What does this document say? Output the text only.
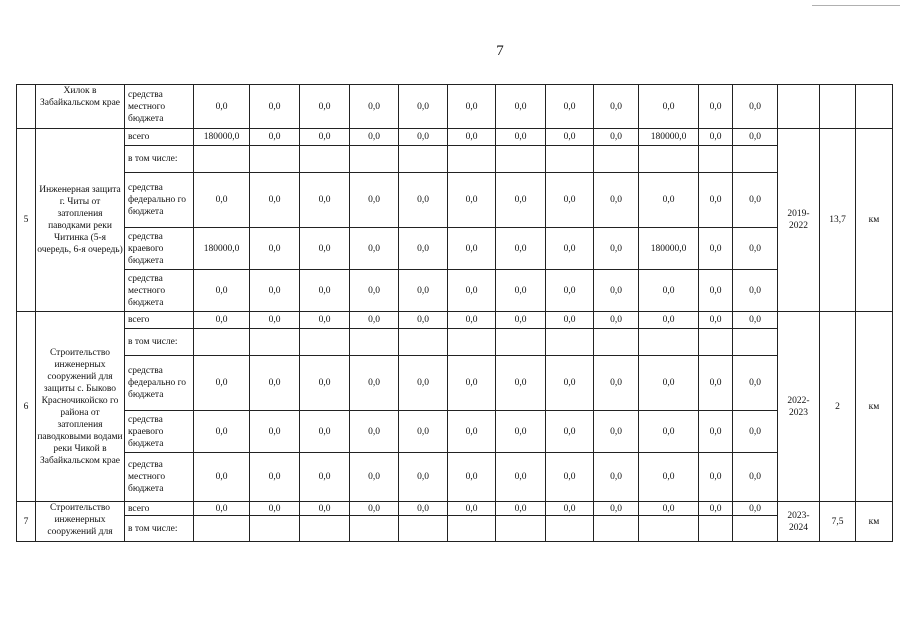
7
	Хилок в Забайкальском крае	средства местного бюджета	0,0	0,0	0,0	0,0	0,0	0,0	0,0	0,0	0,0	0,0	0,0	0,0			
5	Инженерная защита г. Читы от затопления паводками реки Читинка (5-я очередь, 6-я очередь)	всего	180000,0	0,0	0,0	0,0	0,0	0,0	0,0	0,0	0,0	180000,0	0,0	0,0	2019-2022	13,7	км
		в том числе:															
		средства федерально го бюджета	0,0	0,0	0,0	0,0	0,0	0,0	0,0	0,0	0,0	0,0	0,0	0,0			
		средства краевого бюджета	180000,0	0,0	0,0	0,0	0,0	0,0	0,0	0,0	0,0	180000,0	0,0	0,0			
		средства местного бюджета	0,0	0,0	0,0	0,0	0,0	0,0	0,0	0,0	0,0	0,0	0,0	0,0			
6	Строительство инженерных сооружений для защиты с. Быково Красночикойско го района от затопления паводковыми водами реки Чикой в Забайкальском крае	всего	0,0	0,0	0,0	0,0	0,0	0,0	0,0	0,0	0,0	0,0	0,0	0,0	2022-2023	2	км
		в том числе:															
		средства федерально го бюджета	0,0	0,0	0,0	0,0	0,0	0,0	0,0	0,0	0,0	0,0	0,0	0,0			
		средства краевого бюджета	0,0	0,0	0,0	0,0	0,0	0,0	0,0	0,0	0,0	0,0	0,0	0,0			
		средства местного бюджета	0,0	0,0	0,0	0,0	0,0	0,0	0,0	0,0	0,0	0,0	0,0	0,0			
7	Строительство инженерных сооружений для	всего	0,0	0,0	0,0	0,0	0,0	0,0	0,0	0,0	0,0	0,0	0,0	0,0	2023-2024	7,5	км
		в том числе:															
